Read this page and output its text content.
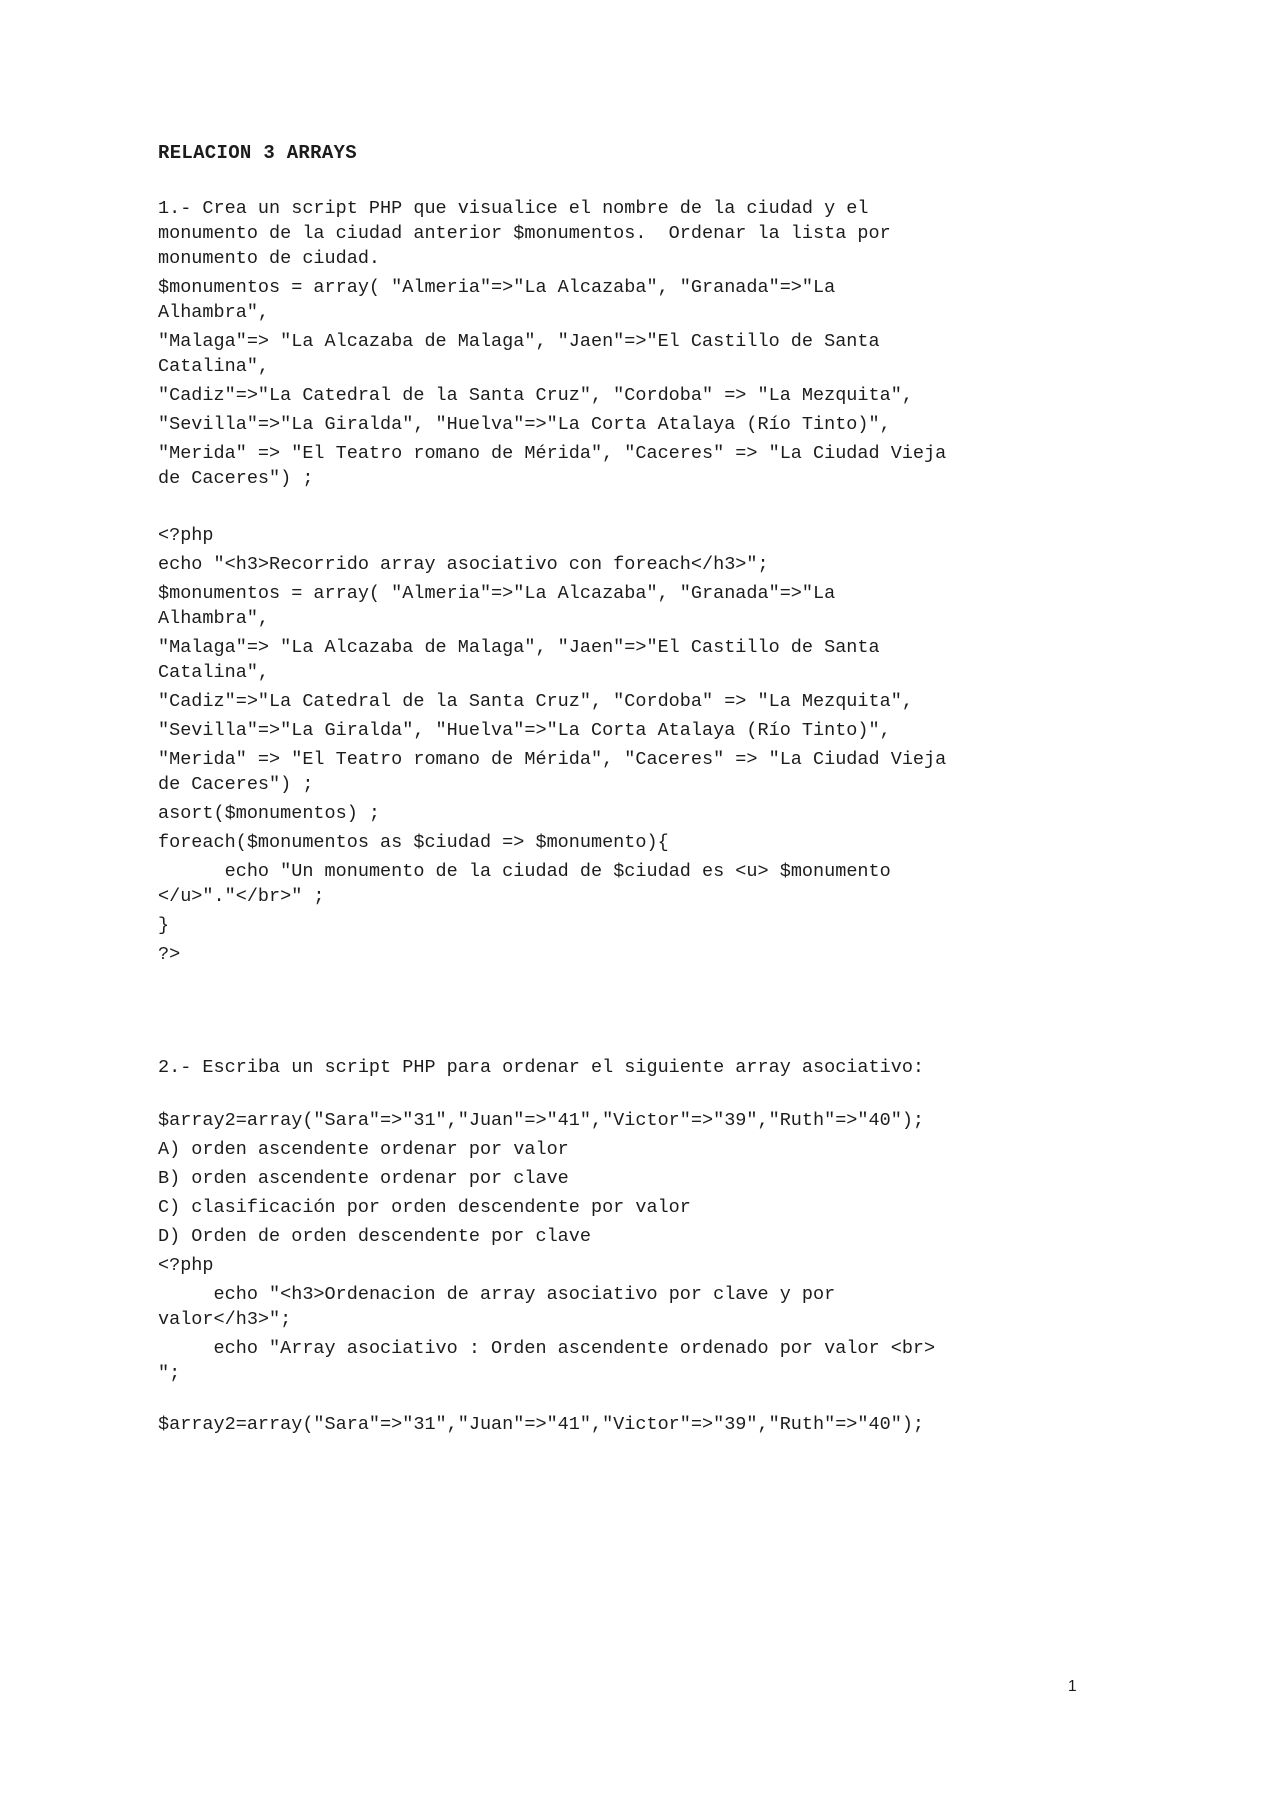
RELACION 3 ARRAYS
1.- Crea un script PHP que visualice el nombre de la ciudad y el
monumento de la ciudad anterior $monumentos.  Ordenar la lista por
monumento de ciudad.
$monumentos = array( "Almeria"=>"La Alcazaba", "Granada"=>"La
Alhambra",
"Malaga"=> "La Alcazaba de Malaga", "Jaen"=>"El Castillo de Santa
Catalina",
"Cadiz"=>"La Catedral de la Santa Cruz", "Cordoba" => "La Mezquita",
"Sevilla"=>"La Giralda", "Huelva"=>"La Corta Atalaya (Río Tinto)",
"Merida" => "El Teatro romano de Mérida", "Caceres" => "La Ciudad Vieja
de Caceres") ;
<?php
echo "<h3>Recorrido array asociativo con foreach</h3>";
$monumentos = array( "Almeria"=>"La Alcazaba", "Granada"=>"La
Alhambra",
"Malaga"=> "La Alcazaba de Malaga", "Jaen"=>"El Castillo de Santa
Catalina",
"Cadiz"=>"La Catedral de la Santa Cruz", "Cordoba" => "La Mezquita",
"Sevilla"=>"La Giralda", "Huelva"=>"La Corta Atalaya (Río Tinto)",
"Merida" => "El Teatro romano de Mérida", "Caceres" => "La Ciudad Vieja
de Caceres") ;
asort($monumentos) ;
foreach($monumentos as $ciudad => $monumento){
echo "Un monumento de la ciudad de $ciudad es <u> $monumento
</u>"."</br>" ;
}
?>
2.- Escriba un script PHP para ordenar el siguiente array asociativo:
$array2=array("Sara"=>"31","Juan"=>"41","Victor"=>"39","Ruth"=>"40");
A) orden ascendente ordenar por valor
B) orden ascendente ordenar por clave
C) clasificación por orden descendente por valor
D) Orden de orden descendente por clave
<?php
echo "<h3>Ordenacion de array asociativo por clave y por
valor</h3>";
echo "Array asociativo : Orden ascendente ordenado por valor <br>
";
$array2=array("Sara"=>"31","Juan"=>"41","Victor"=>"39","Ruth"=>"40");
1
